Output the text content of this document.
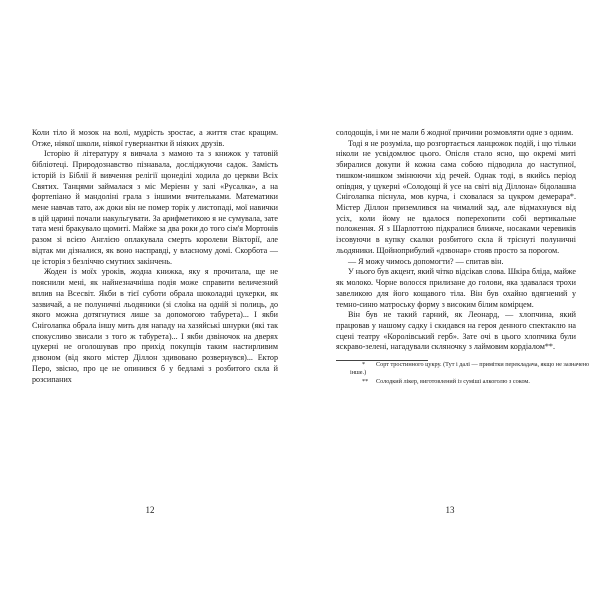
Коли тіло й мозок на волі, мудрість зростає, а життя стає кращим. Отже, ніякої школи, ніякої гувернантки й ніяких друзів.

Історію й літературу я вивчала з мамою та з книжок у татовій бібліотеці. Природознавство пізнавала, досліджуючи садок. Замість історій із Біблії й вивчення релігії щонеділі ходила до церкви Всіх Святих. Танцями займалася з міс Меріенн у залі «Русалка», а на фортепіано й мандоліні грала з іншими вчительками. Математики мене навчав тато, аж доки він не помер торік у листопаді, мої навички в цій царині почали накульгувати. За арифметикою я не сумувала, зате тата мені бракувало щомиті. Майже за два роки до того сім'я Мортонів разом зі всією Англією оплакувала смерть королеви Вікторії, але відтак ми дізналися, як воно насправді, у власному домі. Скорбота — це історія з безліччю смутних закінчень.

Жоден із моїх уроків, жодна книжка, яку я прочитала, ще не пояснили мені, як найнезначніша подія може справити величезний вплив на Всесвіт. Якби в тієї суботи обрала шоколадні цукерки, як зазвичай, а не полуничні льодяники (зі слоїка на одній зі полиць, до якого можна дотягнутися лише за допомогою табурета)... І якби Сніголапка обрала іншу мить для нападу на хазяйські шнурки (які так спокусливо звисали з того ж табурета)... І якби дзвіночок на дверях цукерні не оголошував про прихід покупців таким настирливим дзвоном (від якого містер Діллон здивовано розвернувся)... Ектор Перо, звісно, про це не опинився б у бедламі з розбитого скла й розсипаних

12

солодощів, і ми не мали б жодної причини розмовляти одне з одним.

Тоді я не розуміла, що розгортається ланцюжок подій, і що тільки ніколи не усвідомлює цього. Опісля стало ясно, що окремі миті збиралися докупи й кожна сама собою підводила до наступної, тишком-нишком змінюючи хід речей. Однак тоді, в якийсь період опівдня, у цукерні «Солодощі й усе на світі від Діллона» бідолашна Сніголапка піснула, мов курча, і сховалася за цукром демерара*. Містер Діллон приземлився на чималий зад, але відмахнувся від усіх, коли йому не вдалося поперехопити собі вертикальне положення. Я з Шарлоттою підкралися ближче, носаками черевиків ізсовуючи в купку скалки розбитого скла й тріснуті полуничні льодяники. Щойноприбулий «дзвонар» стояв просто за порогом.

— Я можу чимось допомогти? — спитав він.

У нього був акцент, який чітко відсікав слова. Шкіра бліда, майже як молоко. Чорне волосся прилизане до голови, яка здавалася трохи завеликою для його кощавого тіла. Він був охайно вдягнений у темно-синю матроську форму з високим білим комірцем.

Він був не такий гарний, як Леонард, — хлопчина, який працював у нашому садку і скидався на героя денного спектаклю на сцені театру «Королівський герб». Зате очі в цього хлопчика були яскраво-зелені, нагадували скляночку з лаймовим кордіалом**.

* Сорт тростинного цукру. (Тут і далі — примітки перекладача, якщо не зазначено інше.)

** Солодкий лікер, виготовлений із суміші алкоголю з соком.

13
